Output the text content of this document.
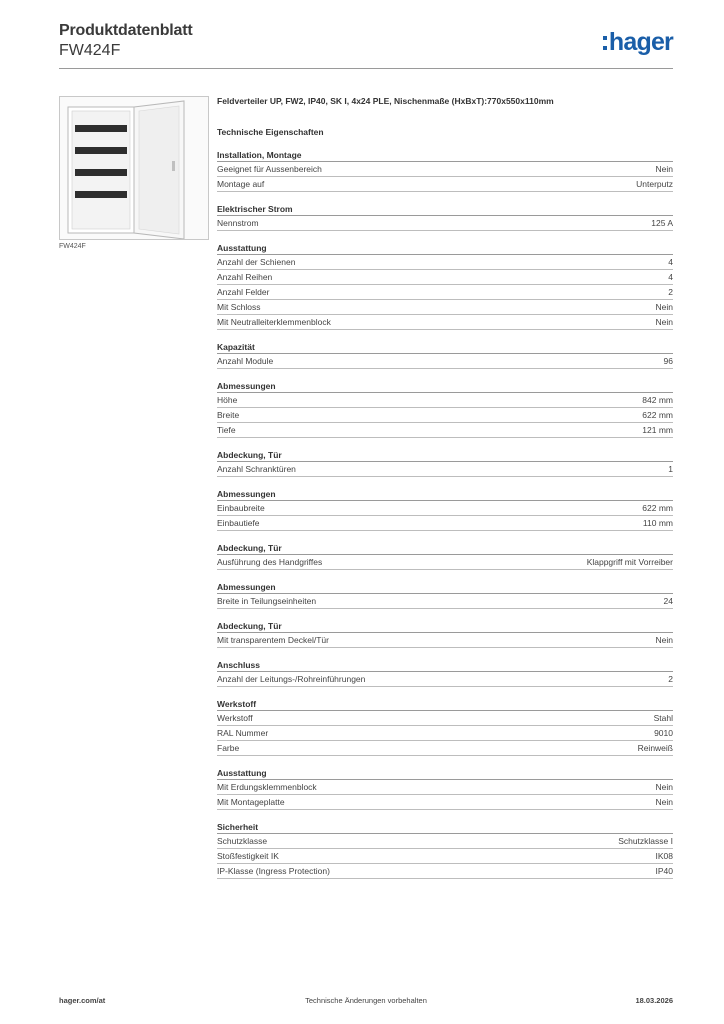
Produktdatenblatt
FW424F	hager
FW424F
Feldverteiler UP, FW2, IP40, SK I, 4x24 PLE, Nischenmaße (HxBxT):770x550x110mm
Technische Eigenschaften
Installation, Montage
Geeignet für Aussenbereich	Nein
Montage auf	Unterputz
Elektrischer Strom
Nennstrom	125 A
Ausstattung
Anzahl der Schienen	4
Anzahl Reihen	4
Anzahl Felder	2
Mit Schloss	Nein
Mit Neutralleiterklemmenblock	Nein
Kapazität
Anzahl Module	96
Abmessungen
Höhe	842 mm
Breite	622 mm
Tiefe	121 mm
Abdeckung, Tür
Anzahl Schranktüren	1
Abmessungen
Einbaubreite	622 mm
Einbautiefe	110 mm
Abdeckung, Tür
Ausführung des Handgriffes	Klappgriff mit Vorreiber
Abmessungen
Breite in Teilungseinheiten	24
Abdeckung, Tür
Mit transparentem Deckel/Tür	Nein
Anschluss
Anzahl der Leitungs-/Rohreinführungen	2
Werkstoff
Werkstoff	Stahl
RAL Nummer	9010
Farbe	Reinweiß
Ausstattung
Mit Erdungsklemmenblock	Nein
Mit Montageplatte	Nein
Sicherheit
Schutzklasse	Schutzklasse I
Stoßfestigkeit IK	IK08
IP-Klasse (Ingress Protection)	IP40
hager.com/at	Technische Änderungen vorbehalten	18.03.2026
